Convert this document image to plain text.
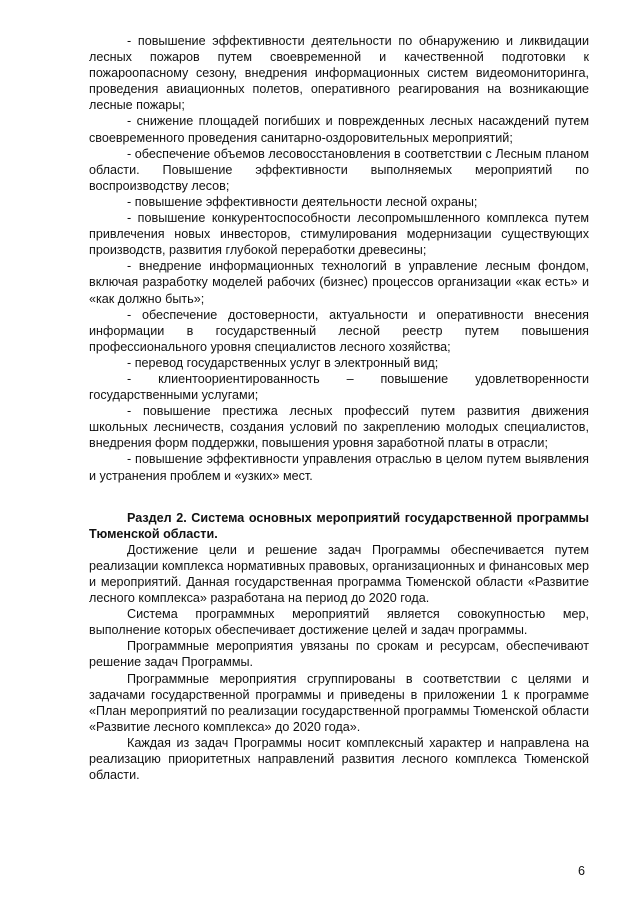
- повышение эффективности деятельности по обнаружению и ликвидации лесных пожаров путем своевременной и качественной подготовки к пожароопасному сезону, внедрения информационных систем видеомониторинга, проведения авиационных полетов, оперативного реагирования на возникающие лесные пожары;

- снижение площадей погибших и поврежденных лесных насаждений путем своевременного проведения санитарно-оздоровительных мероприятий;

- обеспечение объемов лесовосстановления в соответствии с Лесным планом области. Повышение эффективности выполняемых мероприятий по воспроизводству лесов;

- повышение эффективности деятельности лесной охраны;

- повышение конкурентоспособности лесопромышленного комплекса путем привлечения новых инвесторов, стимулирования модернизации существующих производств, развития глубокой переработки древесины;

- внедрение информационных технологий в управление лесным фондом, включая разработку моделей рабочих (бизнес) процессов организации «как есть» и «как должно быть»;

- обеспечение достоверности, актуальности и оперативности внесения информации в государственный лесной реестр путем повышения профессионального уровня специалистов лесного хозяйства;

- перевод государственных услуг в электронный вид;

- клиентоориентированность – повышение удовлетворенности государственными услугами;

- повышение престижа лесных профессий путем развития движения школьных лесничеств, создания условий по закреплению молодых специалистов, внедрения форм поддержки, повышения уровня заработной платы в отрасли;

- повышение эффективности управления отраслью в целом путем выявления и устранения проблем и «узких» мест.

Раздел 2. Система основных мероприятий государственной программы Тюменской области.

Достижение цели и решение задач Программы обеспечивается путем реализации комплекса нормативных правовых, организационных и финансовых мер и мероприятий. Данная государственная программа Тюменской области «Развитие лесного комплекса» разработана на период до 2020 года.

Система программных мероприятий является совокупностью мер, выполнение которых обеспечивает достижение целей и задач программы.

Программные мероприятия увязаны по срокам и ресурсам, обеспечивают решение задач Программы.

Программные мероприятия сгруппированы в соответствии с целями и задачами государственной программы и приведены в приложении 1 к программе «План мероприятий по реализации государственной программы Тюменской области «Развитие лесного комплекса» до 2020 года».

Каждая из задач Программы носит комплексный характер и направлена на реализацию приоритетных направлений развития лесного комплекса Тюменской области.

6
